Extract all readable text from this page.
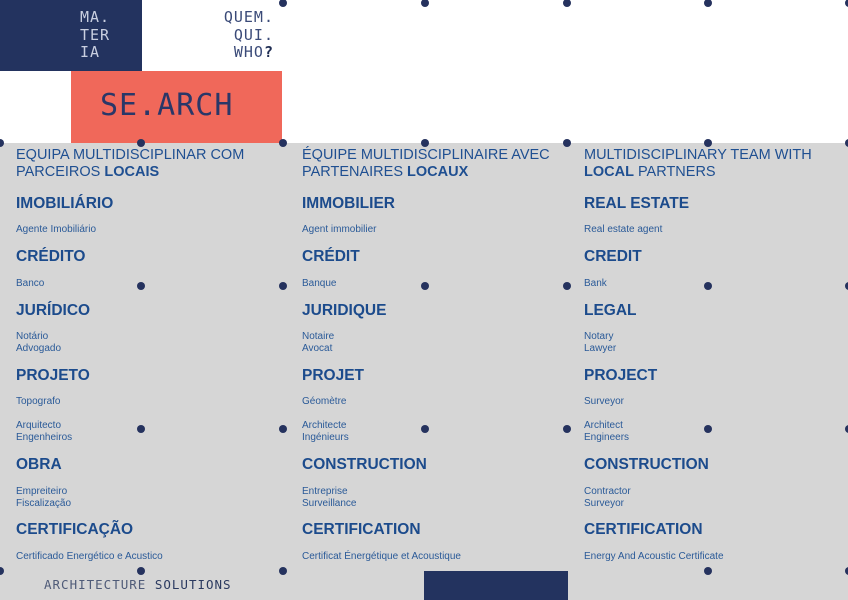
MA.
TER
IA
QUEM.
QUI.
WHO?
SE.ARCH
EQUIPA MULTIDISCIPLINAR COM
PARCEIROS LOCAIS
IMOBILIÁRIO
Agente Imobiliário
CRÉDITO
Banco
JURÍDICO
Notário
Advogado
PROJETO
Topografo
Arquitecto
Engenheiros
OBRA
Empreiteiro
Fiscalização
CERTIFICAÇÃO
Certificado Energético e Acustico
ÉQUIPE MULTIDISCIPLINAIRE AVEC
PARTENAIRES LOCAUX
IMMOBILIER
Agent immobilier
CRÉDIT
Banque
JURIDIQUE
Notaire
Avocat
PROJET
Géomètre
Architecte
Ingénieurs
CONSTRUCTION
Entreprise
Surveillance
CERTIFICATION
Certificat Énergétique et Acoustique
MULTIDISCIPLINARY TEAM WITH
LOCAL PARTNERS
REAL ESTATE
Real estate agent
CREDIT
Bank
LEGAL
Notary
Lawyer
PROJECT
Surveyor
Architect
Engineers
CONSTRUCTION
Contractor
Surveyor
CERTIFICATION
Energy And Acoustic Certificate
ARCHITECTURE SOLUTIONS
